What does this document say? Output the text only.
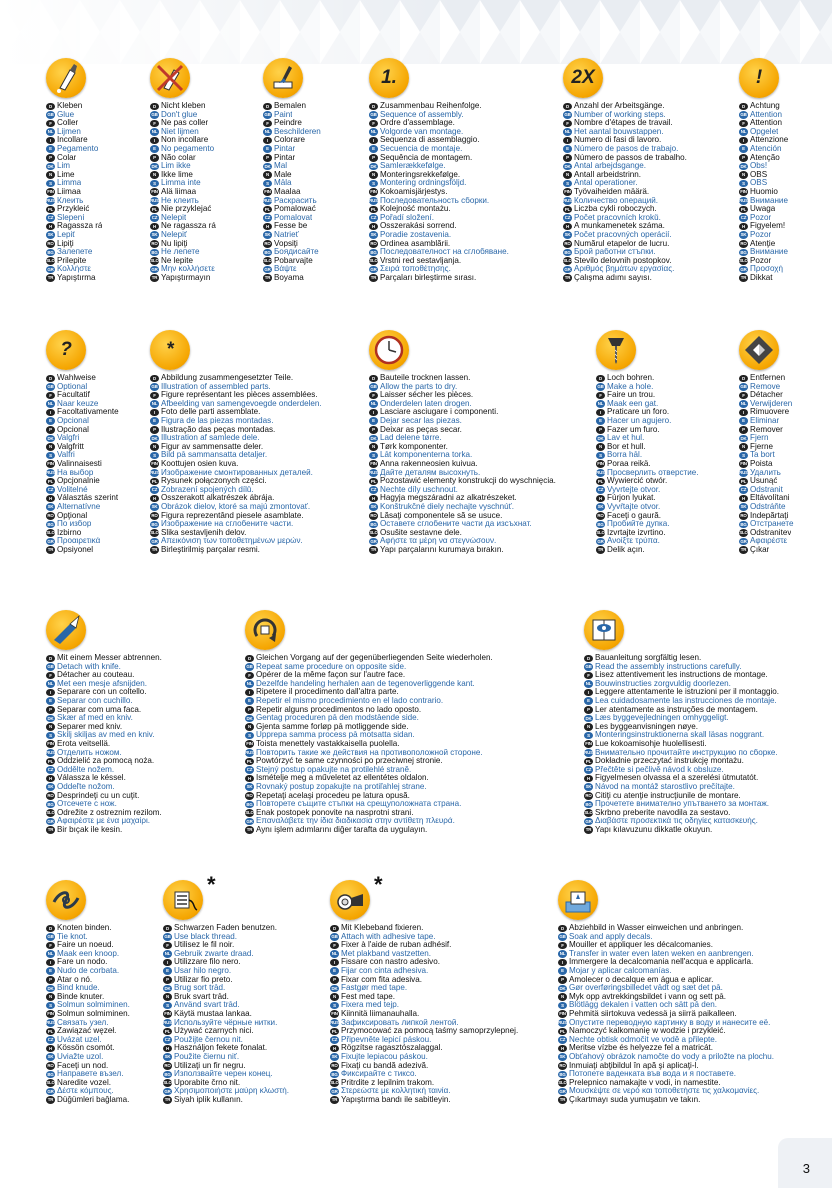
D Kleben
GB Glue
F Coller
NL Lijmen
I Incollare
E Pegamento
P Colar
DK Lim
N Lime
S Limma
FIN Liimaa
RUS Клеить
PL Przykleić
CZ Slepení
H Ragassza rá
SK Lepiť
RO Lipiţi
BG Залепете
SLO Prilepite
GR Κολλήστε
TR Yapıştırma
D Nicht kleben
GB Don't glue
F Ne pas coller
NL Niet lijmen
I Non incollare
E No pegamento
P Não colar
DK Lim ikke
N Ikke lime
S Limma inte
FIN Älä liimaa
RUS Не клеить
PL Nie przyklejać
CZ Nelepit
H Ne ragassza rá
SK Nelepiť
RO Nu lipiţi
BG Не лепете
SLO Ne lepite
GR Μην κολλήσετε
TR Yapıştırmayın
D Bemalen
GB Paint
F Peindre
NL Beschilderen
I Colorare
E Pintar
P Pintar
DK Mal
N Male
S Måla
FIN Maalaa
RUS Раскрасить
PL Pomalować
CZ Pomalovat
H Fesse be
SK Natrieť
RO Vopsiţi
BG Боядисайте
SLO Pobarvajte
GR Βάψτε
TR Boyama
1.
D Zusammenbau Reihenfolge.
GB Sequence of assembly.
F Ordre d'assemblage.
NL Volgorde van montage.
I Sequenza di assemblaggio.
E Secuencia de montaje.
P Sequência de montagem.
DK Samlerækkefølge.
N Monteringsrekkefølge.
S Montering ordningsföljd.
FIN Kokoamisjärjestys.
RUS Последовательность сборки.
PL Kolejność montażu.
CZ Pořadí složení.
H Összerakási sorrend.
SK Poradie zostavenia.
RO Ordinea asamblării.
BG Последователност на сглобяване.
SLO Vrstni red sestavljanja.
GR Σειρά τοποθέτησης.
TR Parçaları birleştirme sırası.
2X
D Anzahl der Arbeitsgänge.
GB Number of working steps.
F Nombre d'étapes de travail.
NL Het aantal bouwstappen.
I Numero di fasi di lavoro.
E Número de pasos de trabajo.
P Número de passos de trabalho.
DK Antal arbejdsgange.
N Antall arbeidstrinn.
S Antal operationer.
FIN Työvaiheiden määrä.
RUS Количество операций.
PL Liczba cykli roboczych.
CZ Počet pracovních kroků.
H A munkamenetek száma.
SK Počet pracovných operácií.
RO Numărul etapelor de lucru.
BG Брой работни стъпки.
SLO Število delovnih postopkov.
GR Αριθμός βημάτων εργασίας.
TR Çalışma adımı sayısı.
!
D Achtung
GB Attention
F Attention
NL Opgelet
I Attenzione
E Atención
P Atenção
DK Obs!
N OBS
S OBS
FIN Huomio
RUS Внимание
PL Uwaga
CZ Pozor
H Figyelem!
SK Pozor
RO Atenţie
BG Внимание
SLO Pozor
GR Προσοχή
TR Dikkat
?
D Wahlweise
GB Optional
F Facultatif
NL Naar keuze
I Facoltativamente
E Opcional
P Opcional
DK Valgfri
N Valgfritt
S Valfri
FIN Valinnaisesti
RUS На выбор
PL Opcjonalnie
CZ Volitelné
H Választás szerint
SK Alternatívne
RO Opţional
BG По избор
SLO Izbirno
GR Προαιρετικά
TR Opsiyonel
*
D Abbildung zusammengesetzter Teile.
GB Illustration of assembled parts.
F Figure représentant les pièces assemblées.
NL Afbeelding van samengevoegde onderdelen.
I Foto delle parti assemblate.
E Figura de las piezas montadas.
P Ilustração das peças montadas.
DK Illustration af samlede dele.
N Figur av sammensatte deler.
S Bild på sammansatta detaljer.
FIN Koottujen osien kuva.
RUS Изображение смонтированных деталей.
PL Rysunek połączonych części.
CZ Zobrazení spojených dílů.
H Összerakott alkatrészek ábrája.
SK Obrázok dielov, ktoré sa majú zmontovať.
RO Figura reprezentând piesele asamblate.
BG Изображение на сглобените части.
SLO Slika sestavljenih delov.
GR Απεικόνιση των τοποθετημένων μερών.
TR Birleştirilmiş parçalar resmi.
D Bauteile trocknen lassen.
GB Allow the parts to dry.
F Laisser sécher les pièces.
NL Onderdelen laten drogen.
I Lasciare asciugare i componenti.
E Dejar secar las piezas.
P Deixar as peças secar.
DK Lad delene tørre.
N Tørk komponenter.
S Låt komponenterna torka.
FIN Anna rakenneosien kuivua.
RUS Дайте деталям высохнуть.
PL Pozostawić elementy konstrukcji do wyschnięcia.
CZ Nechte díly uschnout.
H Hagyja megszáradni az alkatrészeket.
SK Konštrukčné diely nechajte vyschnúť.
RO Lăsaţi componentele să se usuce.
BG Оставете сглобените части да изсъхнат.
SLO Osušite sestavne dele.
GR Αφήστε τα μέρη να στεγνώσουν.
TR Yapı parçalarını kurumaya bırakın.
D Loch bohren.
GB Make a hole.
F Faire un trou.
NL Maak een gat.
I Praticare un foro.
E Hacer un agujero.
P Fazer um furo.
DK Lav et hul.
N Bor et hull.
S Borra hål.
FIN Poraa reikä.
RUS Просверлить отверстие.
PL Wywiercić otwór.
CZ Vyvrtejte otvor.
H Fúrjon lyukat.
SK Vyvŕtajte otvor.
RO Faceţi o gaură.
BG Пробийте дупка.
SLO Izvrtajte izvrtino.
GR Ανοίξτε τρύπα.
TR Delik açın.
D Entfernen
GB Remove
F Détacher
NL Verwijderen
I Rimuovere
E Eliminar
P Remover
DK Fjern
N Fjerne
S Ta bort
FIN Poista
RUS Удалить
PL Usunąć
CZ Odstranit
H Eltávolítani
SK Odstráňte
RO Îndepărtaţi
BG Отстранете
SLO Odstranitev
GR Αφαιρέστε
TR Çıkar
D Mit einem Messer abtrennen.
GB Detach with knife.
F Détacher au couteau.
NL Met een mesje afsnijden.
I Separare con un coltello.
E Separar con cuchillo.
P Separar com uma faca.
DK Skær af med en kniv.
N Separer med kniv.
S Skilj skiljas av med en kniv.
FIN Erota veitsellä.
RUS Отделить ножом.
PL Oddzielić za pomocą noża.
CZ Oddělte nožem.
H Válassza le késsel.
SK Oddeľte nožom.
RO Desprindeţi cu un cuţit.
BG Отсечете с нож.
SLO Odrežite z ostreznim rezilom.
GR Αφαιρέστε με ένα μαχαίρι.
TR Bir bıçak ile kesin.
D Gleichen Vorgang auf der gegenüberliegenden Seite wiederholen.
GB Repeat same procedure on opposite side.
F Opérer de la même façon sur l'autre face.
NL Dezelfde handeling herhalen aan de tegenoverliggende kant.
I Ripetere il procedimento dall'altra parte.
E Repetir el mismo procedimiento en el lado contrario.
P Repetir alguns procedimentos no lado oposto.
DK Gentag proceduren på den modstående side.
N Gjenta samme forløp på motliggende side.
S Upprepa samma process på motsatta sidan.
FIN Toista menettely vastakkaisella puolella.
RUS Повторить такие же действия на противоположной стороне.
PL Powtórzyć te same czynności po przeciwnej stronie.
CZ Stejný postup opakujte na protilehlé straně.
H Ismételje meg a műveletet az ellentétes oldalon.
SK Rovnaký postup zopakujte na protiľahlej strane.
RO Repetaţi acelaşi procedeu pe latura opusă.
BG Повторете същите стъпки на срещуположната страна.
SLO Enak postopek ponovite na nasprotni strani.
GR Επαναλάβετε την ίδια διαδικασία στην αντίθετη πλευρά.
TR Aynı işlem adımlarını diğer tarafta da uygulayın.
D Bauanleitung sorgfältig lesen.
GB Read the assembly instructions carefully.
F Lisez attentivement les instructions de montage.
NL Bouwinstructies zorgvuldig doorlezen.
I Leggere attentamente le istruzioni per il montaggio.
E Lea cuidadosamente las instrucciones de montaje.
P Ler atentamente as instruções de montagem.
DK Læs byggevejledningen omhyggeligt.
N Les byggeanvisningen nøye.
S Monteringsinstruktionerna skall läsas noggrant.
FIN Lue kokoamisohje huolellisesti.
RUS Внимательно прочитайте инструкцию по сборке.
PL Dokładnie przeczytać instrukcję montażu.
CZ Přečtěte si pečlivě návod k obsluze.
H Figyelmesen olvassa el a szerelési útmutatót.
SK Návod na montáž starostlivo prečítajte.
RO Citiţi cu atenţie instrucţiunile de montare.
BG Прочетете внимателно упътването за монтаж.
SLO Skrbno preberite navodila za sestavo.
GR Διαβάστε προσεκτικά τις οδηγίες κατασκευής.
TR Yapı kılavuzunu dikkatle okuyun.
D Knoten binden.
GB Tie knot.
F Faire un noeud.
NL Maak een knoop.
I Fare un nodo.
E Nudo de corbata.
P Atar o nó.
DK Bind knude.
N Binde knuter.
S Solmun solmiminen.
FIN Solmun solmiminen.
RUS Связать узел.
PL Zawiązać węzeł.
CZ Uvázat uzel.
H Kössön csomót.
SK Uviažte uzol.
RO Faceţi un nod.
BG Направете възел.
SLO Naredite vozel.
GR Δέστε κόμπους.
TR Düğümleri bağlama.
*
D Schwarzen Faden benutzen.
GB Use black thread.
F Utilisez le fil noir.
NL Gebruik zwarte draad.
I Utilizzare filo nero.
E Usar hilo negro.
P Utilizar fio preto.
DK Brug sort tråd.
N Bruk svart tråd.
S Använd svart tråd.
FIN Käytä mustaa lankaa.
RUS Используйте чёрные нитки.
PL Używać czarnych nici.
CZ Použijte černou nit.
H Használjon fekete fonalat.
SK Použite čiernu niť.
RO Utilizaţi un fir negru.
BG Използвайте черен конец.
SLO Uporabite črno nit.
GR Χρησιμοποιήστε μαύρη κλωστή.
TR Siyah iplik kullanın.
*
D Mit Klebeband fixieren.
GB Attach with adhesive tape.
F Fixer à l'aide de ruban adhésif.
NL Met plakband vastzetten.
I Fissare con nastro adesivo.
E Fijar con cinta adhesiva.
P Fixar com fita adesiva.
DK Fastgør med tape.
N Fest med tape.
S Fixera med tejp.
FIN Kiinnitä liimanauhalla.
RUS Зафиксировать липкой лентой.
PL Przymocować za pomocą taśmy samoprzylepnej.
CZ Připevněte lepicí páskou.
H Rögzítse ragasztószalaggal.
SK Fixujte lepiacou páskou.
RO Fixaţi cu bandă adezivă.
BG Фиксирайте с тиксо.
SLO Pritrdite z lepilnim trakom.
GR Στερεώστε με κολλητική ταινία.
TR Yapıştırma bandı ile sabitleyin.
D Abziehbild in Wasser einweichen und anbringen.
GB Soak and apply decals.
F Mouiller et appliquer les décalcomanies.
NL Transfer in water even laten weken en aanbrengen.
I Immergere la decalcomania nell'acqua e applicarla.
E Mojar y aplicar calcomanías.
P Amolecer o decalque em água e aplicar.
DK Gør overføringsbilledet vådt og sæt det på.
N Myk opp avtrekkingsbildet i vann og sett på.
S Blötlägg dekalen i vatten och sätt på den.
FIN Pehmitä siirtokuva vedessä ja siirrä paikalleen.
RUS Опустите переводную картинку в воду и нанесите её.
PL Namoczyć kalkomanię w wodzie i przykleić.
CZ Nechte obtisk odmočit ve vodě a přilepte.
H Meritse vízbe és helyezze fel a matricát.
SK Obťahový obrázok namočte do vody a priložte na plochu.
RO Înmuiaţi abţibildul în apă şi aplicaţi-l.
BG Потопете ваденката във вода и я поставете.
SLO Prelepnico namakajte v vodi, in namestite.
GR Μουσκέψτε σε νερό και τοποθετήστε τις χαλκομανίες.
TR Çıkartmayı suda yumuşatın ve takın.
3
